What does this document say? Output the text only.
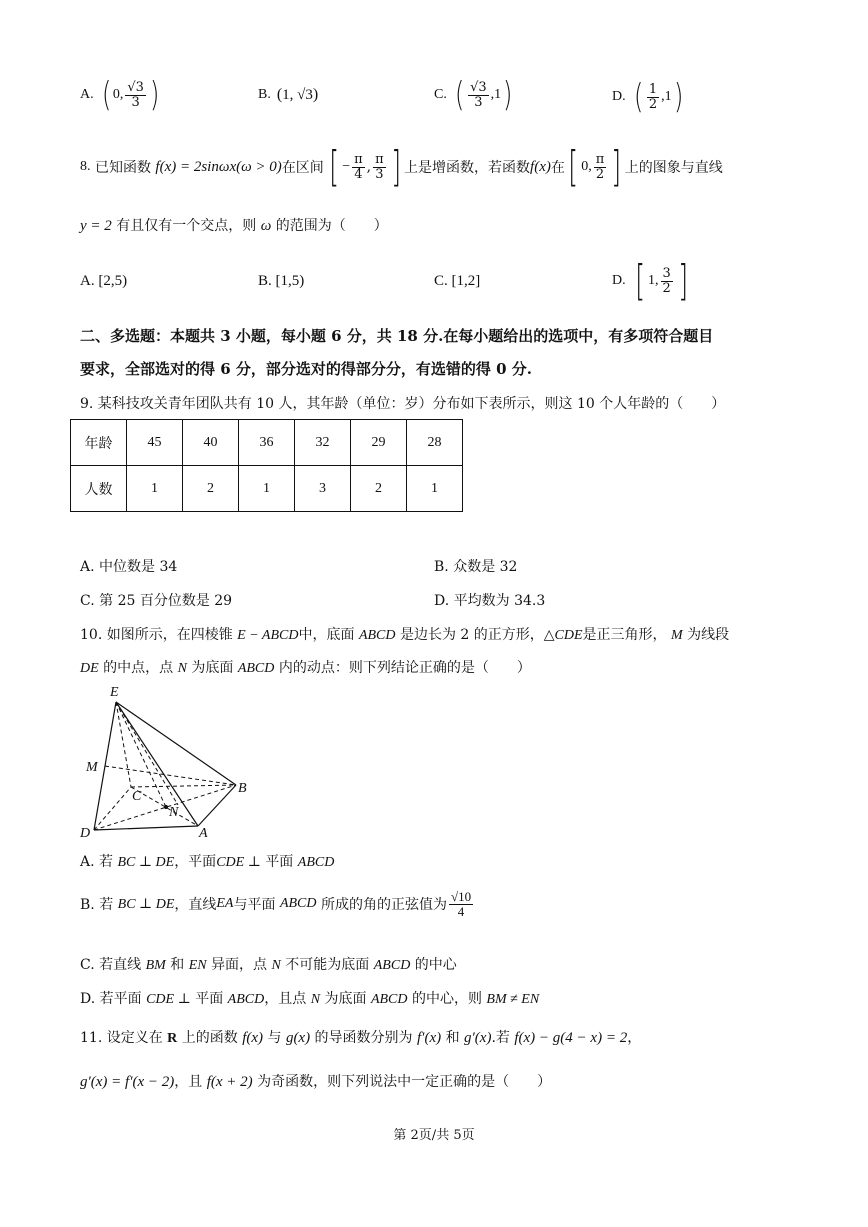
A. ( 0, $\frac{√3}{3}$ )	B. ( 1, √3 )	C. ( $\frac{√3}{3} ,1$ )	D. ( $\frac{1}{2} ,1$ )
8.
已知函数
f(x) = 2sinωx(ω > 0) 在区间 [ − $\frac{\pi}{4}$ , $\frac{\pi}{3}$ ] 上是增函数，若函数 f(x) 在 [ 0, $\frac{\pi}{2}$ ] 上的图象与直线
y = 2 有且仅有一个交点，则 ω 的范围为（　　）
A. [2,5)	B. [1,5)	C. [1,2]	D. [ 1, $\frac{3}{2}$ ]
二、多选题：本题共 3 小题，每小题 6 分，共 18 分.在每小题给出的选项中，有多项符合题目
要求，全部选对的得 6 分，部分选对的得部分分，有选错的得 0 分.
9. 某科技攻关青年团队共有 10 人，其年龄（单位：岁）分布如下表所示，则这 10 个人年龄的（　　）
年龄	45	40	36	32	29	28
人数	1	2	1	3	2	1
A. 中位数是 34	B. 众数是 32
C. 第 25 百分位数是 29	D. 平均数为 34.3
10. 如图所示，在四棱锥 E − ABCD中，底面 ABCD 是边长为 2 的正方形，△CDE是正三角形， M 为线段
DE 的中点，点 N 为底面 ABCD 内的动点：则下列结论正确的是（　　）
E
M
B
C
N
D	A
A. 若 BC ⊥ DE，平面CDE ⊥ 平面 ABCD
B. 若
BC ⊥ DE ，直线 EA 与平面
ABCD
所成的角的正弦值为 $\frac{√10}{4}$
C. 若直线 BM 和 EN 异面，点 N 不可能为底面 ABCD 的中心
D. 若平面 CDE ⊥ 平面 ABCD，且点 N 为底面 ABCD 的中心，则 BM ≠ EN
11. 设定义在 R 上的函数 f(x) 与 g(x) 的导函数分别为 f′(x) 和 g′(x).若 f(x) − g(4 − x) = 2，
g′(x) = f′(x − 2)，且 f(x + 2) 为奇函数，则下列说法中一定正确的是（　　）
第 2页/共 5页
